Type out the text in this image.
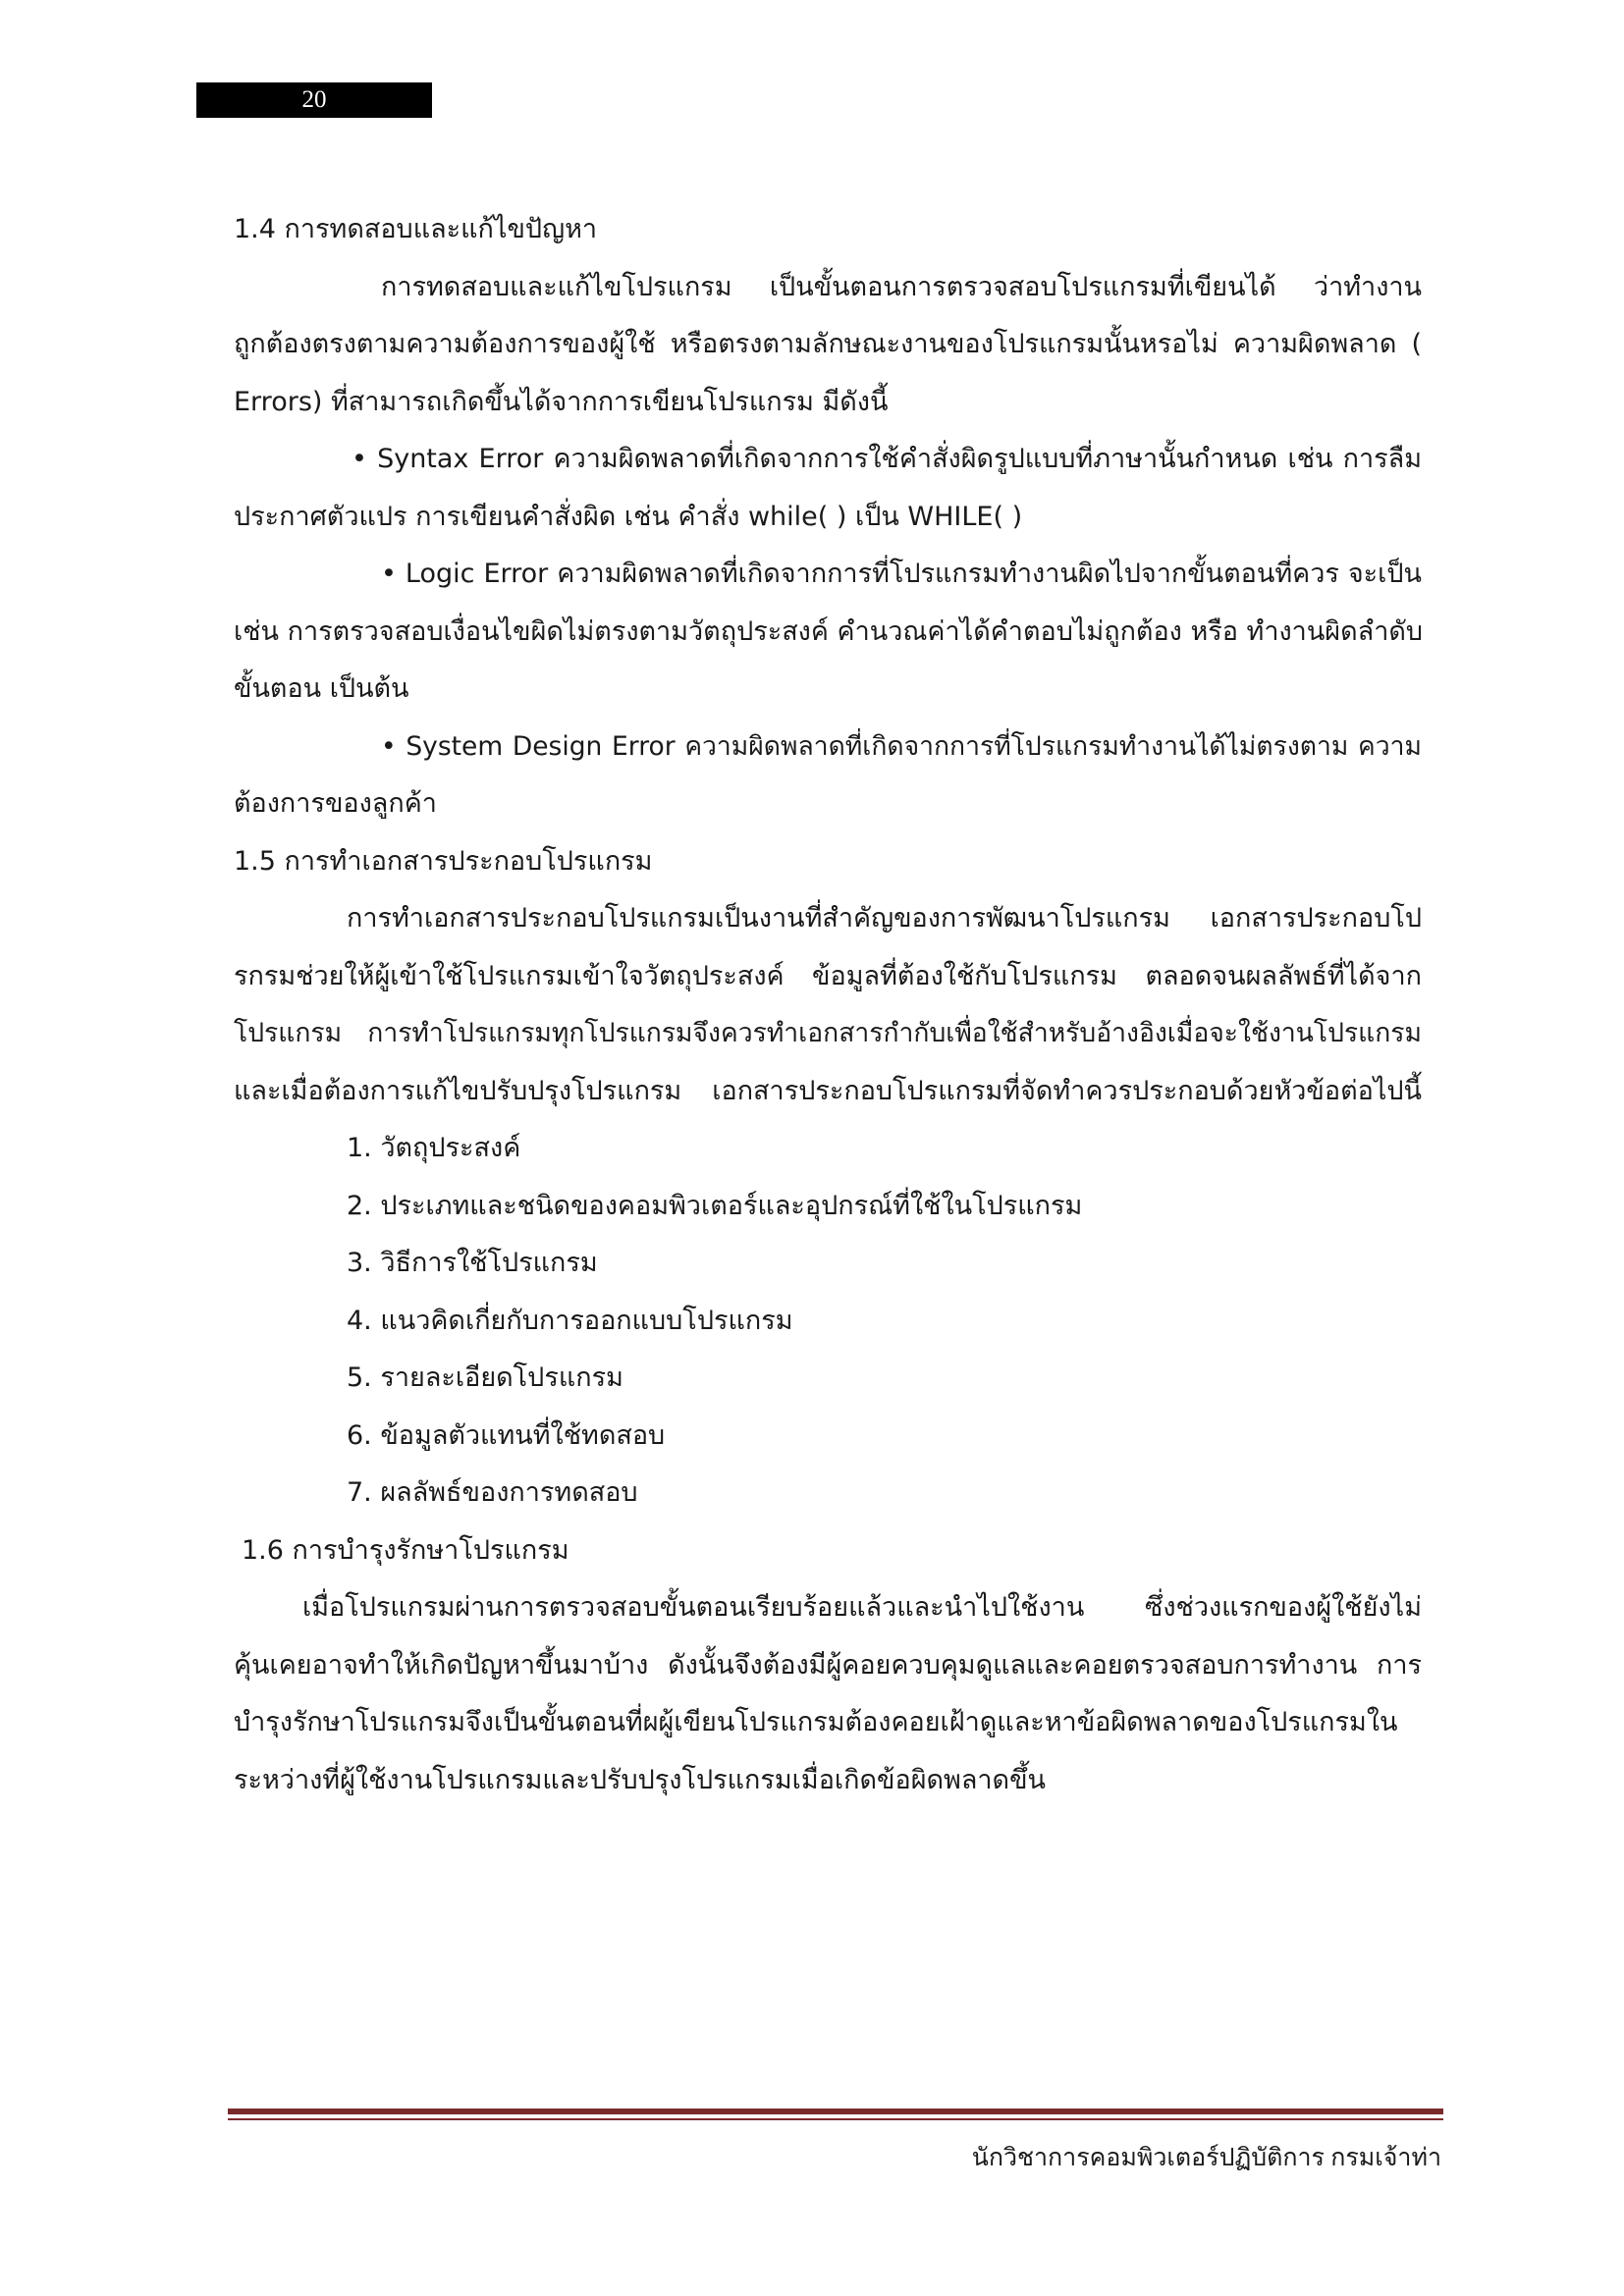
20
1.4 การทดสอบและแก้ไขปัญหา
การทดสอบและแก้ไขโปรแกรม เป็นขั้นตอนการตรวจสอบโปรแกรมที่เขียนได้ ว่าทำงาน
ถูกต้องตรงตามความต้องการของผู้ใช้ หรือตรงตามลักษณะงานของโปรแกรมนั้นหรอไม่ ความผิดพลาด (
Errors) ที่สามารถเกิดขึ้นได้จากการเขียนโปรแกรม มีดังนี้
• Syntax Error ความผิดพลาดที่เกิดจากการใช้คำสั่งผิดรูปแบบที่ภาษานั้นกำหนด เช่น การลืม
ประกาศตัวแปร การเขียนคำสั่งผิด เช่น คำสั่ง while( ) เป็น WHILE( )
• Logic Error ความผิดพลาดที่เกิดจากการที่โปรแกรมทำงานผิดไปจากขั้นตอนที่ควร จะเป็น
เช่น การตรวจสอบเงื่อนไขผิดไม่ตรงตามวัตถุประสงค์ คำนวณค่าได้คำตอบไม่ถูกต้อง หรือ ทำงานผิดลำดับ
ขั้นตอน เป็นต้น
• System Design Error ความผิดพลาดที่เกิดจากการที่โปรแกรมทำงานได้ไม่ตรงตาม ความ
ต้องการของลูกค้า
1.5 การทำเอกสารประกอบโปรแกรม
การทำเอกสารประกอบโปรแกรมเป็นงานที่สำคัญของการพัฒนาโปรแกรม เอกสารประกอบโป
รกรมช่วยให้ผู้เข้าใช้โปรแกรมเข้าใจวัตถุประสงค์ ข้อมูลที่ต้องใช้กับโปรแกรม ตลอดจนผลลัพธ์ที่ได้จาก
โปรแกรม การทำโปรแกรมทุกโปรแกรมจึงควรทำเอกสารกำกับเพื่อใช้สำหรับอ้างอิงเมื่อจะใช้งานโปรแกรม
และเมื่อต้องการแก้ไขปรับปรุงโปรแกรม เอกสารประกอบโปรแกรมที่จัดทำควรประกอบด้วยหัวข้อต่อไปนี้
1. วัตถุประสงค์
2. ประเภทและชนิดของคอมพิวเตอร์และอุปกรณ์ที่ใช้ในโปรแกรม
3. วิธีการใช้โปรแกรม
4. แนวคิดเกี่ยกับการออกแบบโปรแกรม
5. รายละเอียดโปรแกรม
6. ข้อมูลตัวแทนที่ใช้ทดสอบ
7. ผลลัพธ์ของการทดสอบ
1.6 การบำรุงรักษาโปรแกรม
เมื่อโปรแกรมผ่านการตรวจสอบขั้นตอนเรียบร้อยแล้วและนำไปใช้งาน ซึ่งช่วงแรกของผู้ใช้ยังไม่
คุ้นเคยอาจทำให้เกิดปัญหาขึ้นมาบ้าง ดังนั้นจึงต้องมีผู้คอยควบคุมดูแลและคอยตรวจสอบการทำงาน การ
บำรุงรักษาโปรแกรมจึงเป็นขั้นตอนที่ผผู้เขียนโปรแกรมต้องคอยเฝ้าดูและหาข้อผิดพลาดของโปรแกรมใน
ระหว่างที่ผู้ใช้งานโปรแกรมและปรับปรุงโปรแกรมเมื่อเกิดข้อผิดพลาดขึ้น
นักวิชาการคอมพิวเตอร์ปฏิบัติการ กรมเจ้าท่า
